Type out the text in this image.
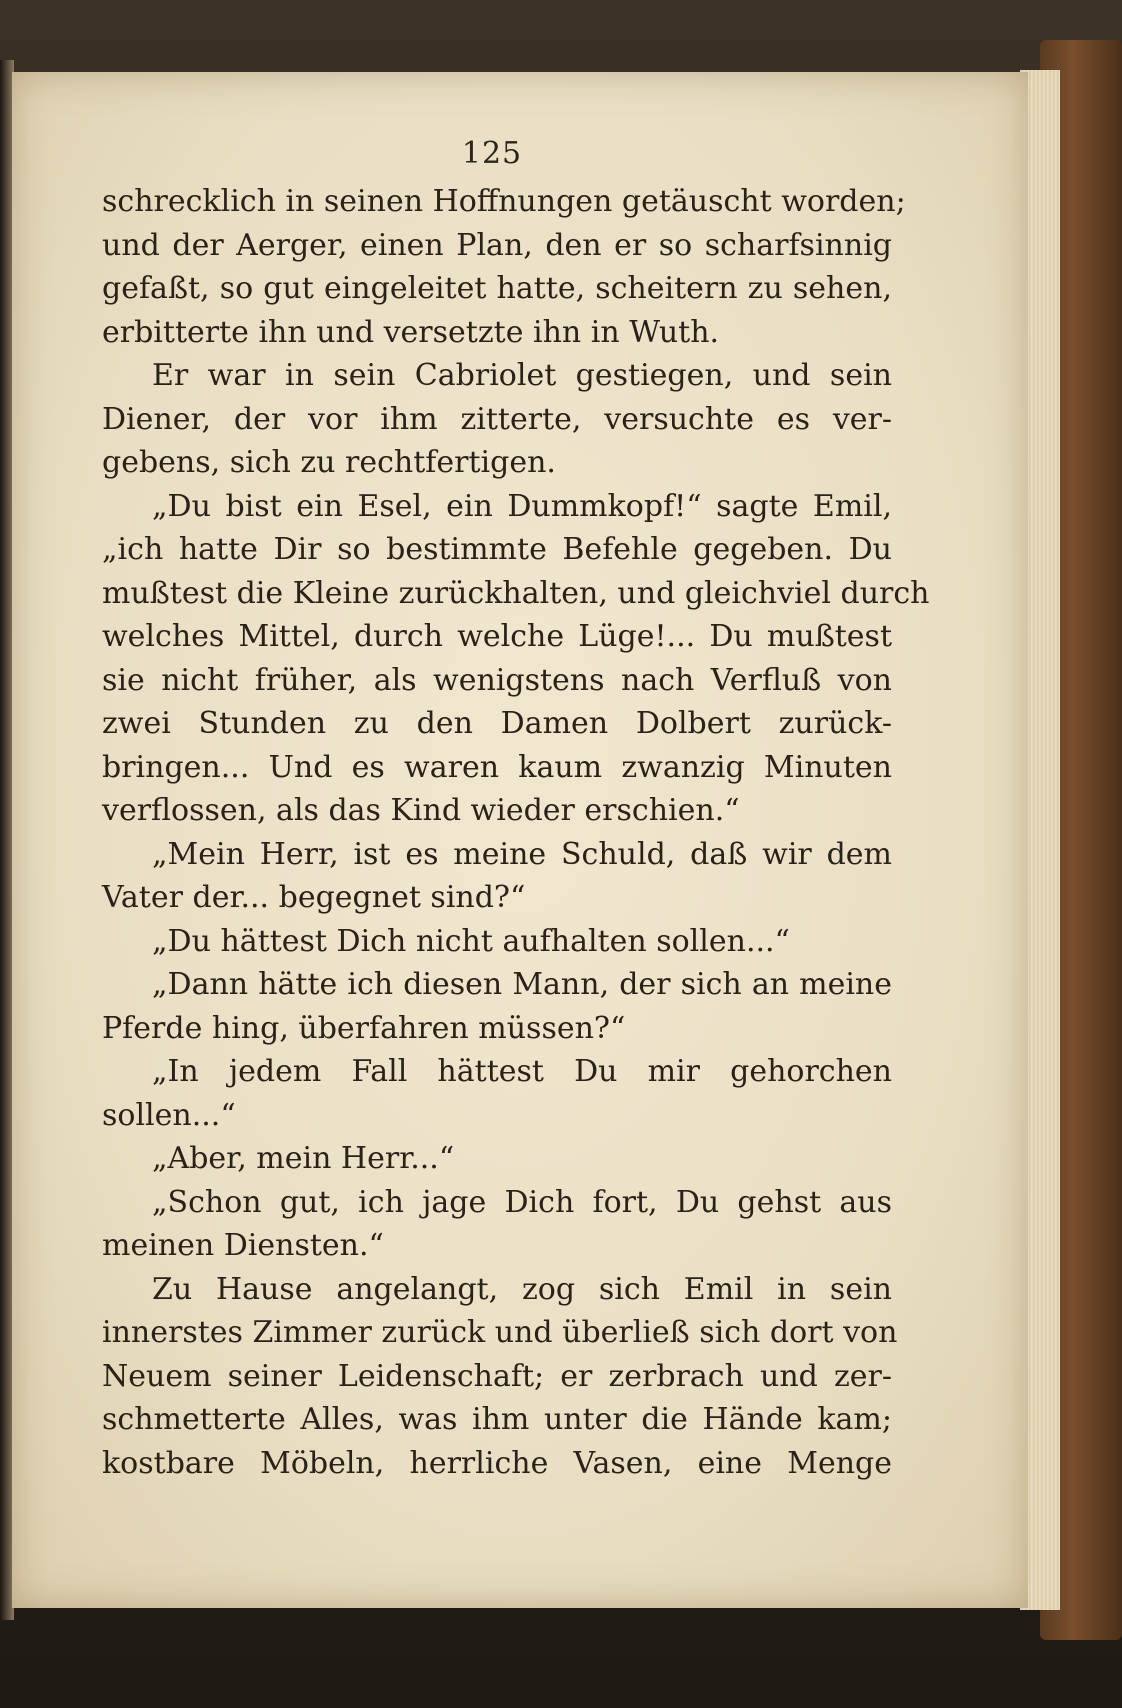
125
schrecklich in seinen Hoffnungen getäuscht worden;
und der Aerger, einen Plan, den er so scharfsinnig
gefaßt, so gut eingeleitet hatte, scheitern zu sehen,
erbitterte ihn und versetzte ihn in Wuth.
Er war in sein Cabriolet gestiegen, und sein
Diener, der vor ihm zitterte, versuchte es ver-
gebens, sich zu rechtfertigen.
„Du bist ein Esel, ein Dummkopf!“ sagte Emil,
„ich hatte Dir so bestimmte Befehle gegeben. Du
mußtest die Kleine zurückhalten, und gleichviel durch
welches Mittel, durch welche Lüge!... Du mußtest
sie nicht früher, als wenigstens nach Verfluß von
zwei Stunden zu den Damen Dolbert zurück-
bringen... Und es waren kaum zwanzig Minuten
verflossen, als das Kind wieder erschien.“
„Mein Herr, ist es meine Schuld, daß wir dem
Vater der... begegnet sind?“
„Du hättest Dich nicht aufhalten sollen...“
„Dann hätte ich diesen Mann, der sich an meine
Pferde hing, überfahren müssen?“
„In jedem Fall hättest Du mir gehorchen
sollen...“
„Aber, mein Herr...“
„Schon gut, ich jage Dich fort, Du gehst aus
meinen Diensten.“
Zu Hause angelangt, zog sich Emil in sein
innerstes Zimmer zurück und überließ sich dort von
Neuem seiner Leidenschaft; er zerbrach und zer-
schmetterte Alles, was ihm unter die Hände kam;
kostbare Möbeln, herrliche Vasen, eine Menge
